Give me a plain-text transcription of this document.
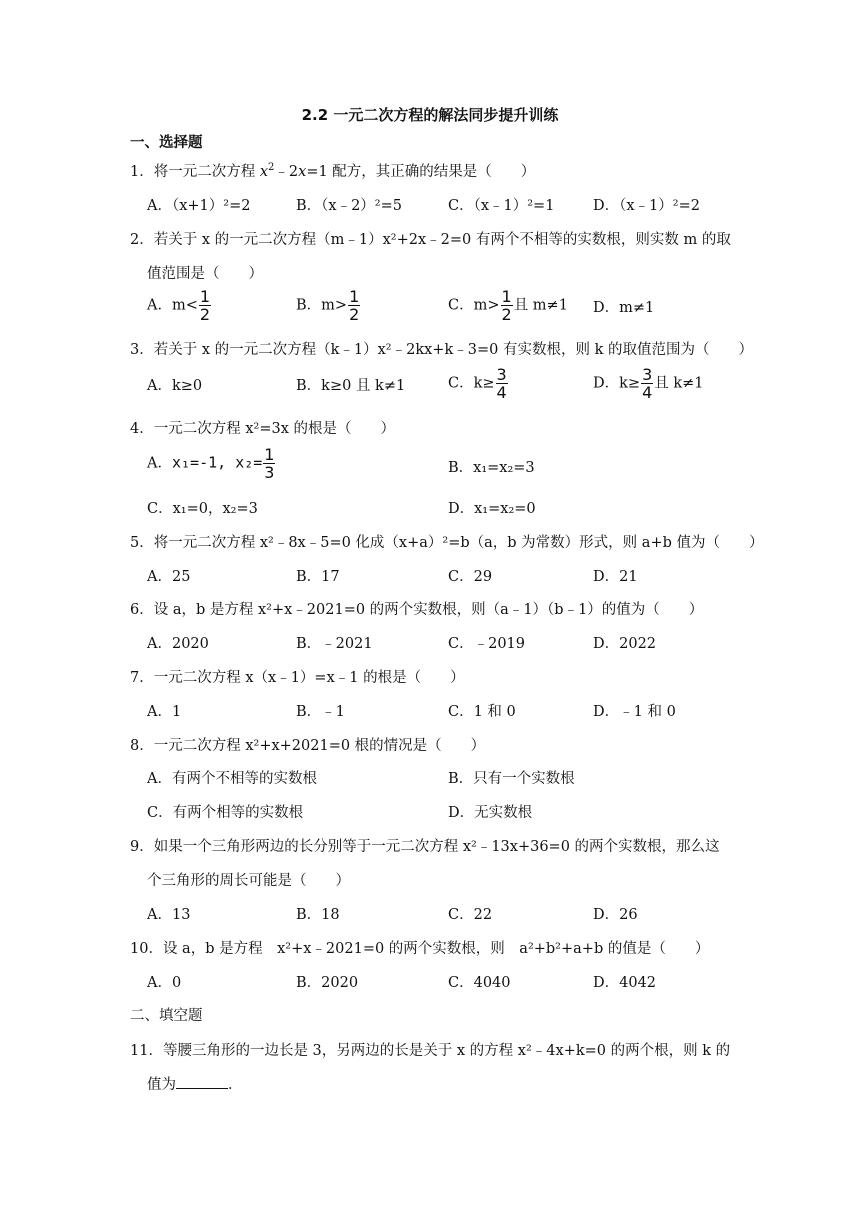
2.2 一元二次方程的解法同步提升训练
一、选择题
1．将一元二次方程 $x^2﹣2x=1$ 配方，其正确的结果是（　　）
A．（x+1）²=2	B．（x﹣2）²=5	C．（x﹣1）²=1	D．（x﹣1）²=2
2．若关于 x 的一元二次方程（m﹣1）x²+2x﹣2=0 有两个不相等的实数根，则实数 m 的取
值范围是（　　）
A．$m< \frac{1}{2}$	B．$m> \frac{1}{2}$	C．$m> \frac{1}{2}$ 且 m≠1 D．m≠1
3．若关于 x 的一元二次方程（k﹣1）x²﹣2kx+k﹣3=0 有实数根，则 k 的取值范围为（　　）
A．k≥0	B．k≥0 且 k≠1	C．$k\ge \frac{3}{4}$	D．$k\ge \frac{3}{4}$ 且 k≠1
4．一元二次方程 x²=3x 的根是（　　）
A．x₁=-1, $x_2= \frac{1}{3}$	B．x₁=x₂=3
C．x₁=0，x₂=3	D．x₁=x₂=0
5．将一元二次方程 x²﹣8x﹣5=0 化成（x+a）²=b（a，b 为常数）形式，则 a+b 值为（　　）
A．25	B．17	C．29	D．21
6．设 a，b 是方程 x²+x﹣2021=0 的两个实数根，则（a﹣1）（b﹣1）的值为（　　）
A．2020	B．﹣2021	C．﹣2019	D．2022
7．一元二次方程 x（x﹣1）=x﹣1 的根是（　　）
A．1	B．﹣1	C．1 和 0	D．﹣1 和 0
8．一元二次方程 x²+x+2021=0 根的情况是（　　）
A．有两个不相等的实数根	B．只有一个实数根
C．有两个相等的实数根	D．无实数根
9．如果一个三角形两边的长分别等于一元二次方程 x²﹣13x+36=0 的两个实数根，那么这
个三角形的周长可能是（　　）
A．13	B．18	C．22	D．26
10．设 a，b 是方程　x²+x﹣2021=0 的两个实数根，则　a²+b²+a+b 的值是（　　）
A．0	B．2020	C．4040	D．4042
二、填空题
11．等腰三角形的一边长是 3，另两边的长是关于 x 的方程 x²﹣4x+k=0 的两个根，则 k 的
值为	．
